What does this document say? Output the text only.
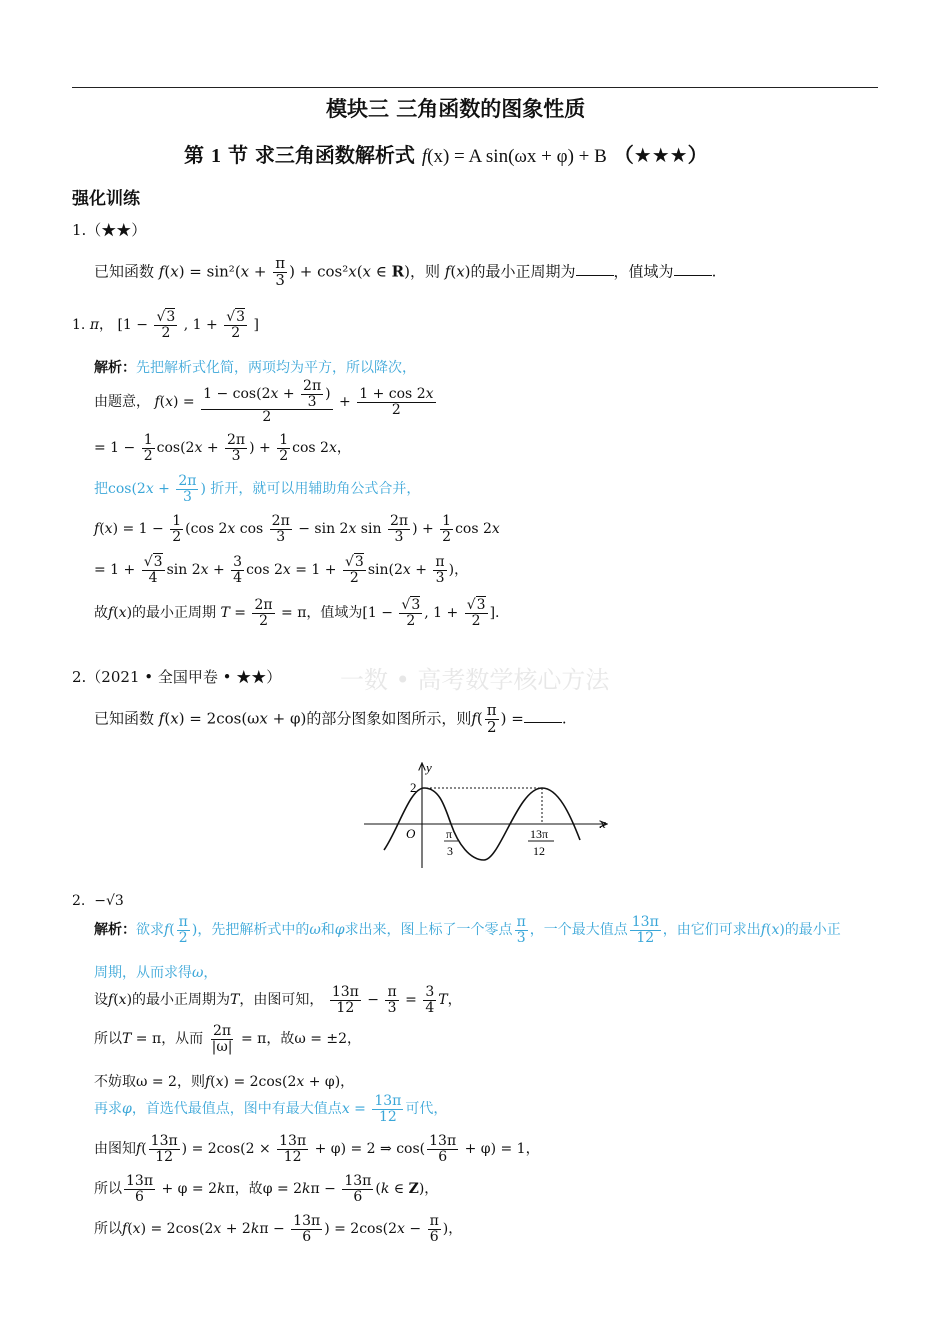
模块三 三角函数的图象性质
第 1 节 求三角函数解析式 f(x) = A sin(ωx + φ) + B （★★★）
强化训练
一数 • 高考数学核心方法
1.（★★）
已知函数 $f(x) = \sin^2(x + \frac{\pi}{3}$ ) + cos²x(x ∈ R)，则 f(x)的最小正周期为	，值域为	.
1. π， [$1 - \frac{√3}{2}$ , $1 + \frac{√3}{2}$ ]
解析：先把解析式化简，两项均为平方，所以降次，
由题意， $f(x) = \frac{1 - \cos(2x + \frac{2\pi}{3} )}{2} + \frac{1 + \cos 2x}{2}$
= $1 - \frac{1}{2} \cos(2x + \frac{2\pi}{3}$ ) + $\frac{1}{2}$ cos 2x，
把$\cos(2x + \frac{2\pi}{3}$ ) 折开，就可以用辅助角公式合并，
$f(x) = 1 - \frac{1}{2} (\cos$ 2x $\cos \frac{2\pi}{3} - \sin 2x$ $\sin \frac{2\pi}{3}$ ) + $\frac{1}{2}$ cos 2x
= $1 + \frac{√3}{4}$ $\sin 2x + \frac{3}{4}$ $\cos 2x = 1 + \frac{√3}{2} \sin(2x + \frac{\pi}{3}$ )，
故f(x)的最小正周期 $T = \frac{2\pi}{2} = \pi$，值域为[$1 - \frac{√3}{2}$ , $1 + \frac{√3}{2}$ ].
2.（2021 • 全国甲卷 • ★★）
已知函数 f(x) = 2cos(ωx + φ)的部分图象如图所示，则$f( \frac{\pi}{2}$ ) =	.
y
x
O
2
π
3
13π
12
2. −√3
解析：欲求$f( \frac{\pi}{2}$ )，先把解析式中的ω和φ求出来，图上标了一个零点 $\frac{\pi}{3}$ ，一个最大值点 $\frac{13\pi}{12}$ ，由它们可求出f(x)的最小正
周期，从而求得ω，
设f(x)的最小正周期为T，由图可知， $\frac{13\pi}{12} - \frac{\pi}{3} = \frac{3}{4}$ T，
所以T = π，从而 $\frac{2\pi}{|\omega|} = \pi$，故ω = ±2，
不妨取ω = 2，则f(x) = 2cos(2x + φ)，
再求φ，首选代最值点，图中有最大值点$x = \frac{13\pi}{12}$ 可代，
由图知$f( \frac{13\pi}{12}$ ) = $2\cos(2 \times \frac{13\pi}{12} + \varphi) = 2$ ⇒ $\cos( \frac{13\pi}{6} + \varphi) = 1$，
所以 $\frac{13\pi}{6} + \varphi = 2k\pi$，故$\varphi = 2k\pi - \frac{13\pi}{6} (k$ ∈ Z)，
所以$f(x) = 2\cos(2x + 2k\pi - \frac{13\pi}{6}$ ) = $2\cos(2x - \frac{\pi}{6}$ )，
